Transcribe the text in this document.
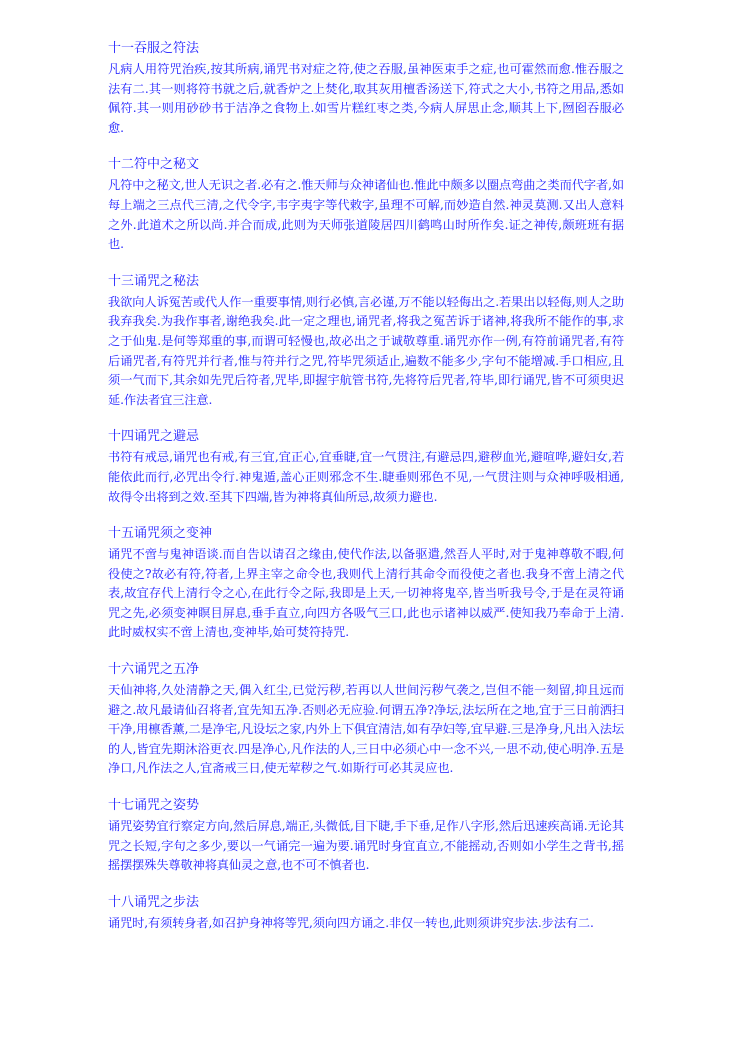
十一吞服之符法

凡病人用符咒治疾,按其所病,诵咒书对症之符,使之吞服,虽神医束手之症,也可霍然而愈.惟吞服之法有二.其一则将符书就之后,就香炉之上焚化,取其灰用檀香汤送下,符式之大小,书符之用品,悉如佩符.其一则用砂砂书于洁净之食物上.如雪片糕红枣之类,今病人屏思止念,顺其上下,囫囵吞服必愈.

十二符中之秘文

凡符中之秘文,世人无识之者.必有之.惟天师与众神诸仙也.惟此中颇多以圈点弯曲之类而代字者,如每上端之三点代三清,之代令字,韦字夷字等代敕字,虽理不可解,而妙造自然.神灵莫测.又出人意料之外.此道术之所以尚.并合而成,此则为天师张道陵居四川鹤鸣山时所作矣.证之神传,颇班班有据也.

十三诵咒之秘法

我欲向人诉冤苦或代人作一重要事情,则行必慎,言必谨,万不能以轻侮出之.若果出以轻侮,则人之助我弃我矣.为我作事者,谢绝我矣.此一定之理也,诵咒者,将我之冤苦诉于诸神,将我所不能作的事,求之于仙鬼.是何等郑重的事,而谓可轻慢也,故必出之于诚敬尊重.诵咒亦作一例,有符前诵咒者,有符后诵咒者,有符咒并行者,惟与符并行之咒,符毕咒须适止,遍数不能多少,字句不能增减.手口相应,且须一气而下,其余如先咒后符者,咒毕,即握宇航管书符,先将符后咒者,符毕,即行诵咒,皆不可须臾迟延.作法者宜三注意.

十四诵咒之避忌

书符有戒忌,诵咒也有戒,有三宜,宜正心,宜垂睫,宜一气贯注,有避忌四,避秽血光,避喧哗,避妇女,若能依此而行,必咒出令行.神鬼遁,盖心正则邪念不生.睫垂则邪色不见,一气贯注则与众神呼吸相通,故得令出将到之效.至其下四端,皆为神将真仙所忌,故须力避也.

十五诵咒须之变神

诵咒不啻与鬼神语谈.而自告以请召之缘由,使代作法,以备驱遣,然吾人平时,对于鬼神尊敬不暇,何役使之?故必有符,符者,上界主宰之命令也,我则代上清行其命令而役使之者也.我身不啻上清之代表,故宜存代上清行令之心,在此行令之际,我即是上天,一切神将鬼卒,皆当听我号令,于是在灵符诵咒之先,必须变神瞑目屏息,垂手直立,向四方各吸气三口,此也示诸神以威严.使知我乃奉命于上清.此时威权实不啻上清也,变神毕,始可焚符持咒.

十六诵咒之五净

天仙神将,久处清静之天,偶入红尘,已觉污秽,若再以人世间污秽气袭之,岂但不能一刻留,抑且远而避之.故凡最请仙召将者,宜先知五净.否则必无应验.何谓五净?净坛,法坛所在之地,宜于三日前洒扫干净,用檩香薰,二是净宅,凡设坛之家,内外上下俱宜清洁,如有孕妇等,宜早避.三是净身,凡出入法坛的人,皆宜先期沐浴更衣.四是净心,凡作法的人,三日中必须心中一念不兴,一思不动,使心明净.五是净口,凡作法之人,宜斋戒三日,使无荤秽之气.如斯行可必其灵应也.

十七诵咒之姿势

诵咒姿势宜行察定方向,然后屏息,端正,头微低,目下睫,手下垂,足作八字形,然后迅速疾高诵.无论其咒之长短,字句之多少,要以一气诵完一遍为要.诵咒时身宜直立,不能摇动,否则如小学生之背书,摇摇摆摆殊失尊敬神将真仙灵之意,也不可不慎者也.

十八诵咒之步法

诵咒时,有须转身者,如召护身神将等咒,须向四方诵之.非仅一转也,此则须讲究步法.步法有二.
